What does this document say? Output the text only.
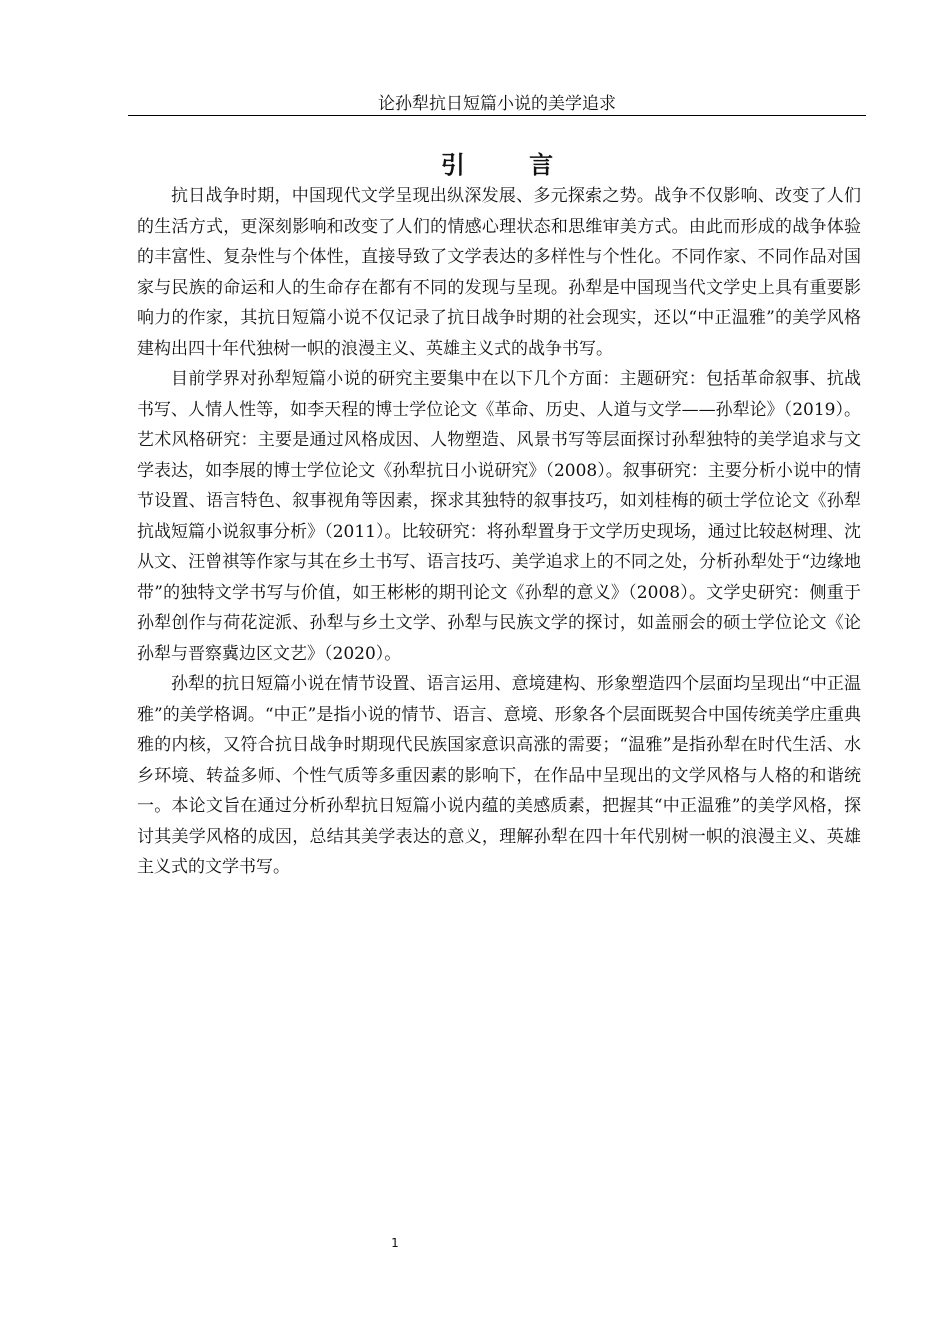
论孙犁抗日短篇小说的美学追求
引 言

抗日战争时期，中国现代文学呈现出纵深发展、多元探索之势。战争不仅影响、改变了人们的生活方式，更深刻影响和改变了人们的情感心理状态和思维审美方式。由此而形成的战争体验的丰富性、复杂性与个体性，直接导致了文学表达的多样性与个性化。不同作家、不同作品对国家与民族的命运和人的生命存在都有不同的发现与呈现。孙犁是中国现当代文学史上具有重要影响力的作家，其抗日短篇小说不仅记录了抗日战争时期的社会现实，还以“中正温雅”的美学风格建构出四十年代独树一帜的浪漫主义、英雄主义式的战争书写。

目前学界对孙犁短篇小说的研究主要集中在以下几个方面：主题研究：包括革命叙事、抗战书写、人情人性等，如李天程的博士学位论文《革命、历史、人道与文学——孙犁论》（2019）。艺术风格研究：主要是通过风格成因、人物塑造、风景书写等层面探讨孙犁独特的美学追求与文学表达，如李展的博士学位论文《孙犁抗日小说研究》（2008）。叙事研究：主要分析小说中的情节设置、语言特色、叙事视角等因素，探求其独特的叙事技巧，如刘桂梅的硕士学位论文《孙犁抗战短篇小说叙事分析》（2011）。比较研究：将孙犁置身于文学历史现场，通过比较赵树理、沈从文、汪曾祺等作家与其在乡土书写、语言技巧、美学追求上的不同之处，分析孙犁处于“边缘地带”的独特文学书写与价值，如王彬彬的期刊论文《孙犁的意义》（2008）。文学史研究：侧重于孙犁创作与荷花淀派、孙犁与乡土文学、孙犁与民族文学的探讨，如盖丽会的硕士学位论文《论孙犁与晋察冀边区文艺》（2020）。

孙犁的抗日短篇小说在情节设置、语言运用、意境建构、形象塑造四个层面均呈现出“中正温雅”的美学格调。“中正”是指小说的情节、语言、意境、形象各个层面既契合中国传统美学庄重典雅的内核，又符合抗日战争时期现代民族国家意识高涨的需要；“温雅”是指孙犁在时代生活、水乡环境、转益多师、个性气质等多重因素的影响下，在作品中呈现出的文学风格与人格的和谐统一。本论文旨在通过分析孙犁抗日短篇小说内蕴的美感质素，把握其“中正温雅”的美学风格，探讨其美学风格的成因，总结其美学表达的意义，理解孙犁在四十年代别树一帜的浪漫主义、英雄主义式的文学书写。

1
